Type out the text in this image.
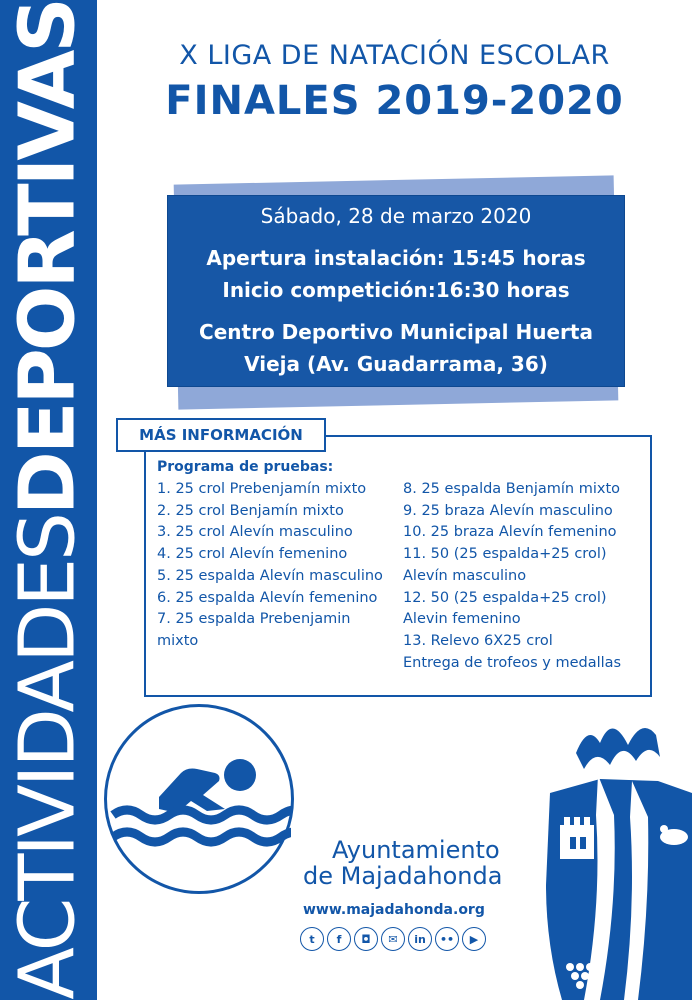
ACTIVIDADESDEPORTIVAS	X LIGA DE NATACIÓN ESCOLAR
FINALES 2019-2020
Sábado, 28 de marzo 2020
Apertura instalación: 15:45 horas
Inicio competición:16:30 horas
Centro Deportivo Municipal Huerta
Vieja (Av. Guadarrama, 36)
MÁS INFORMACIÓN
Programa de pruebas:
1. 25 crol Prebenjamín mixto
2. 25 crol Benjamín mixto
3. 25 crol Alevín masculino
4. 25 crol Alevín femenino
5. 25 espalda Alevín masculino
6. 25 espalda Alevín femenino
7. 25 espalda Prebenjamin
mixto
8. 25 espalda Benjamín mixto
9. 25 braza Alevín masculino
10. 25 braza Alevín femenino
11. 50 (25 espalda+25 crol)
Alevín masculino
12. 50 (25 espalda+25 crol)
Alevin femenino
13. Relevo 6X25 crol
Entrega de trofeos y medallas
Ayuntamiento
de Majadahonda
www.majadahonda.org
t	f	◘	✉	in	••	▶
